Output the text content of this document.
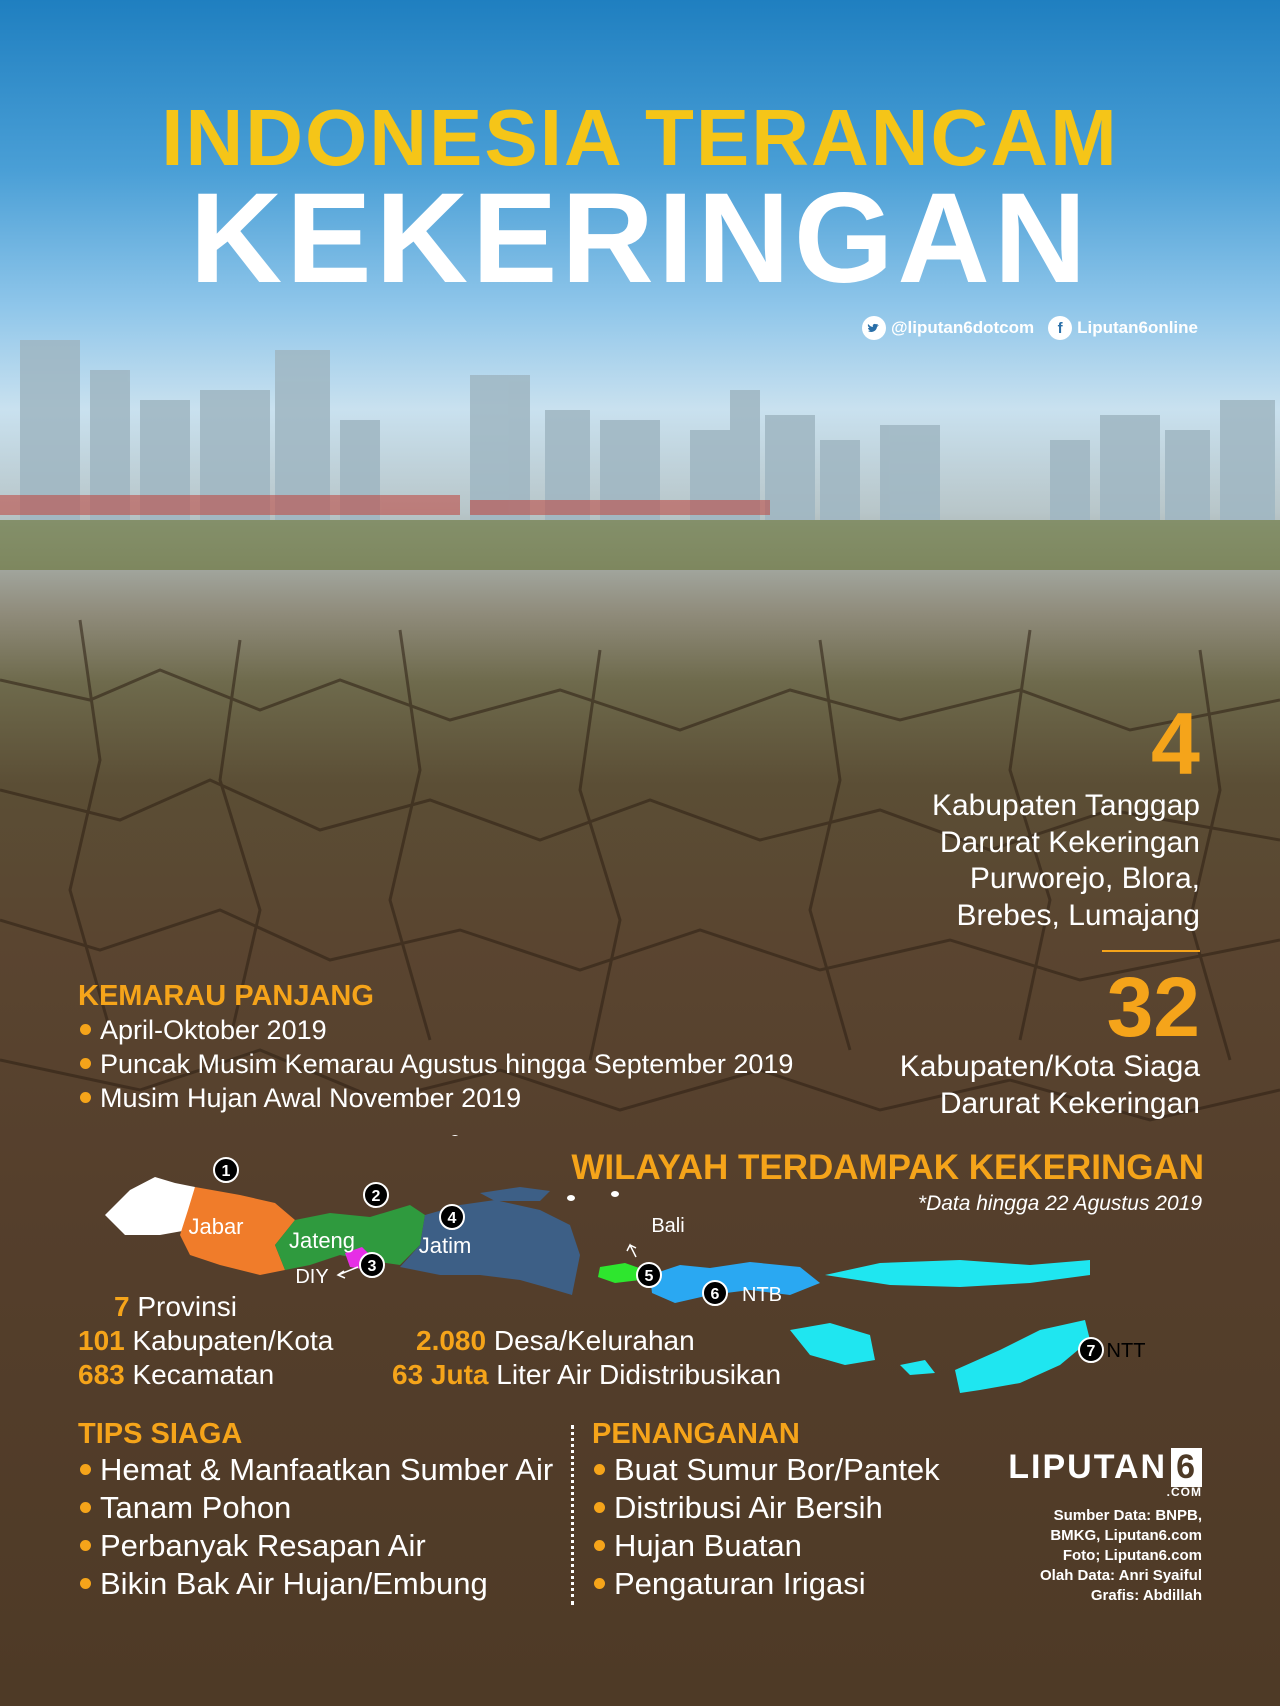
INDONESIA TERANCAM
KEKERINGAN
@liputan6dotcom	f Liputan6online
4
Kabupaten Tanggap
Darurat Kekeringan
Purworejo, Blora,
Brebes, Lumajang
32
Kabupaten/Kota Siaga
Darurat Kekeringan
KEMARAU PANJANG
April-Oktober 2019
Puncak Musim Kemarau Agustus hingga September 2019
Musim Hujan Awal November 2019
WILAYAH TERDAMPAK KEKERINGAN
*Data hingga 22 Agustus 2019
1
Jabar
2
Jateng
3
DIY
4
Jatim
5
Bali
6 NTB
7 NTT
7 Provinsi
101 Kabupaten/Kota
683 Kecamatan
2.080 Desa/Kelurahan
63 Juta Liter Air Didistribusikan
TIPS SIAGA
Hemat & Manfaatkan Sumber Air
Tanam Pohon
Perbanyak Resapan Air
Bikin Bak Air Hujan/Embung
PENANGANAN
Buat Sumur Bor/Pantek
Distribusi Air Bersih
Hujan Buatan
Pengaturan Irigasi
LIPUTAN 6
.COM
Sumber Data: BNPB,
BMKG, Liputan6.com
Foto; Liputan6.com
Olah Data: Anri Syaiful
Grafis: Abdillah
